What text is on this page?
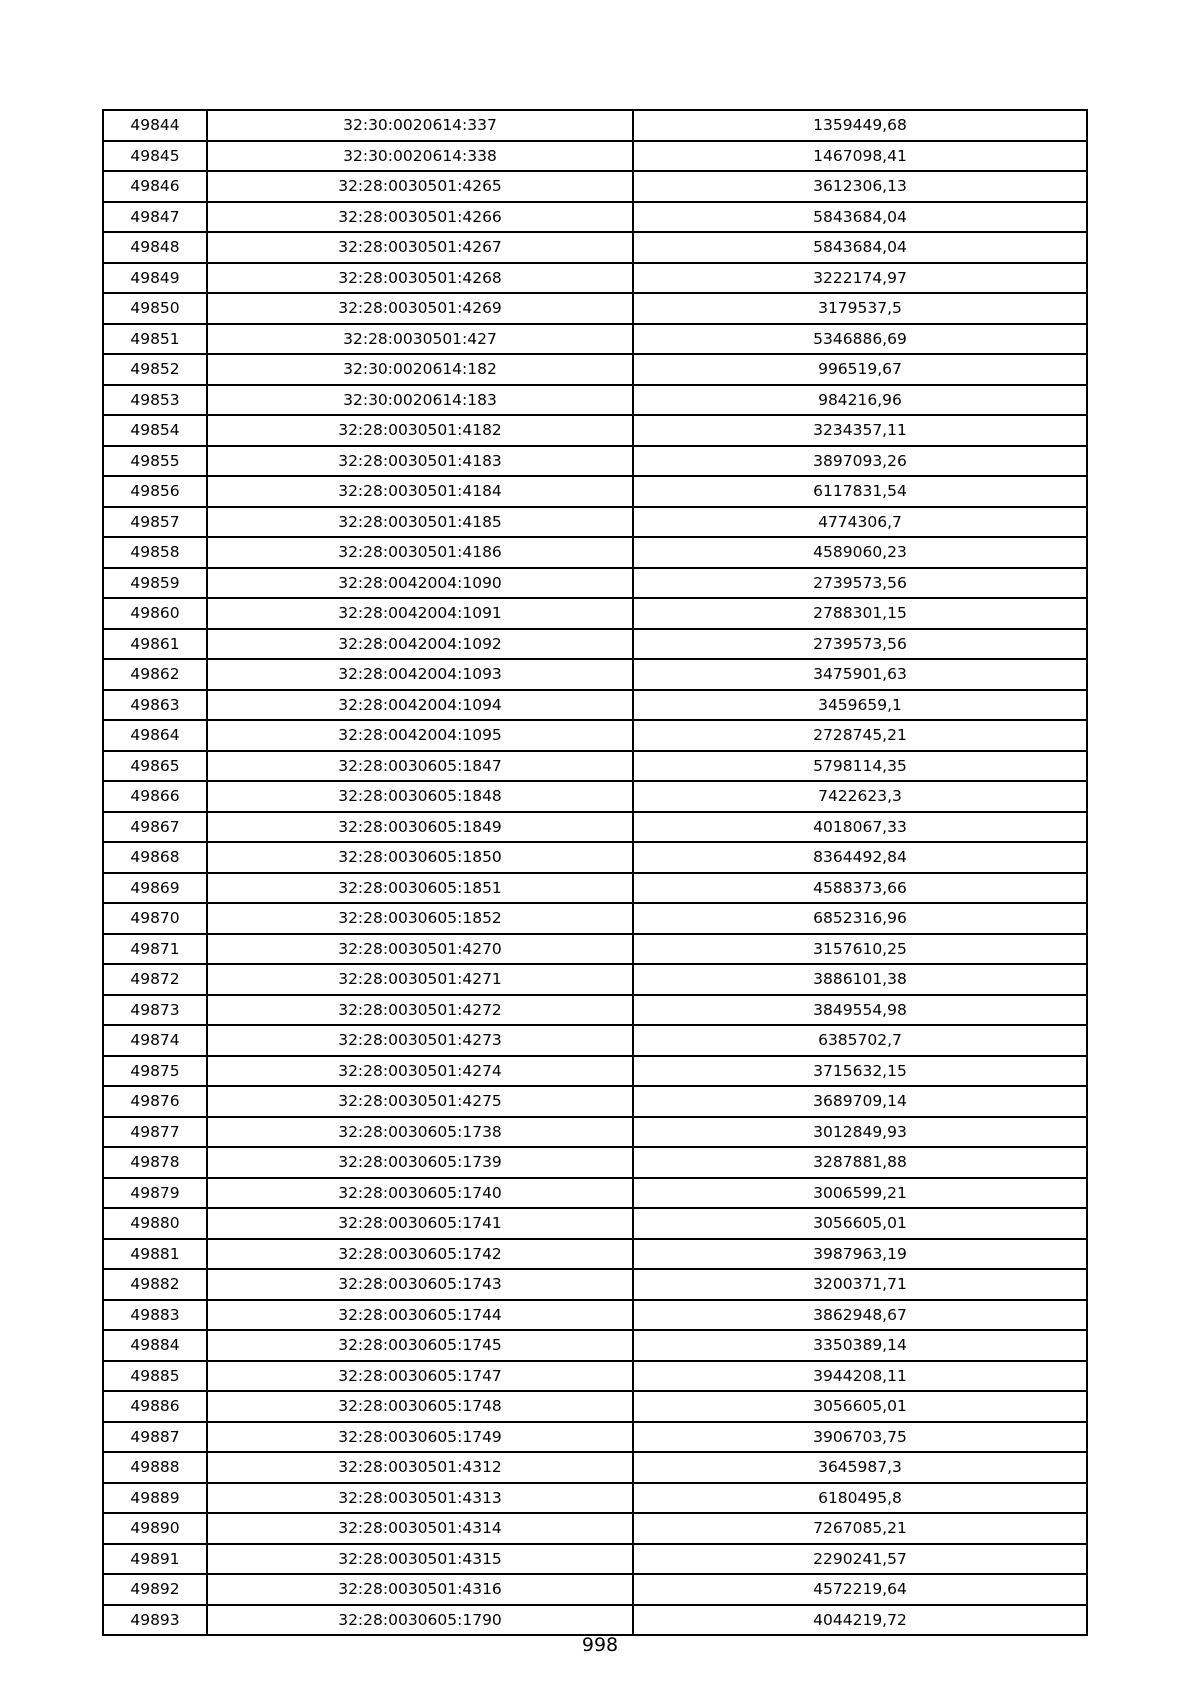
49844	32:30:0020614:337	1359449,68
49845	32:30:0020614:338	1467098,41
49846	32:28:0030501:4265	3612306,13
49847	32:28:0030501:4266	5843684,04
49848	32:28:0030501:4267	5843684,04
49849	32:28:0030501:4268	3222174,97
49850	32:28:0030501:4269	3179537,5
49851	32:28:0030501:427	5346886,69
49852	32:30:0020614:182	996519,67
49853	32:30:0020614:183	984216,96
49854	32:28:0030501:4182	3234357,11
49855	32:28:0030501:4183	3897093,26
49856	32:28:0030501:4184	6117831,54
49857	32:28:0030501:4185	4774306,7
49858	32:28:0030501:4186	4589060,23
49859	32:28:0042004:1090	2739573,56
49860	32:28:0042004:1091	2788301,15
49861	32:28:0042004:1092	2739573,56
49862	32:28:0042004:1093	3475901,63
49863	32:28:0042004:1094	3459659,1
49864	32:28:0042004:1095	2728745,21
49865	32:28:0030605:1847	5798114,35
49866	32:28:0030605:1848	7422623,3
49867	32:28:0030605:1849	4018067,33
49868	32:28:0030605:1850	8364492,84
49869	32:28:0030605:1851	4588373,66
49870	32:28:0030605:1852	6852316,96
49871	32:28:0030501:4270	3157610,25
49872	32:28:0030501:4271	3886101,38
49873	32:28:0030501:4272	3849554,98
49874	32:28:0030501:4273	6385702,7
49875	32:28:0030501:4274	3715632,15
49876	32:28:0030501:4275	3689709,14
49877	32:28:0030605:1738	3012849,93
49878	32:28:0030605:1739	3287881,88
49879	32:28:0030605:1740	3006599,21
49880	32:28:0030605:1741	3056605,01
49881	32:28:0030605:1742	3987963,19
49882	32:28:0030605:1743	3200371,71
49883	32:28:0030605:1744	3862948,67
49884	32:28:0030605:1745	3350389,14
49885	32:28:0030605:1747	3944208,11
49886	32:28:0030605:1748	3056605,01
49887	32:28:0030605:1749	3906703,75
49888	32:28:0030501:4312	3645987,3
49889	32:28:0030501:4313	6180495,8
49890	32:28:0030501:4314	7267085,21
49891	32:28:0030501:4315	2290241,57
49892	32:28:0030501:4316	4572219,64
49893	32:28:0030605:1790	4044219,72
998
